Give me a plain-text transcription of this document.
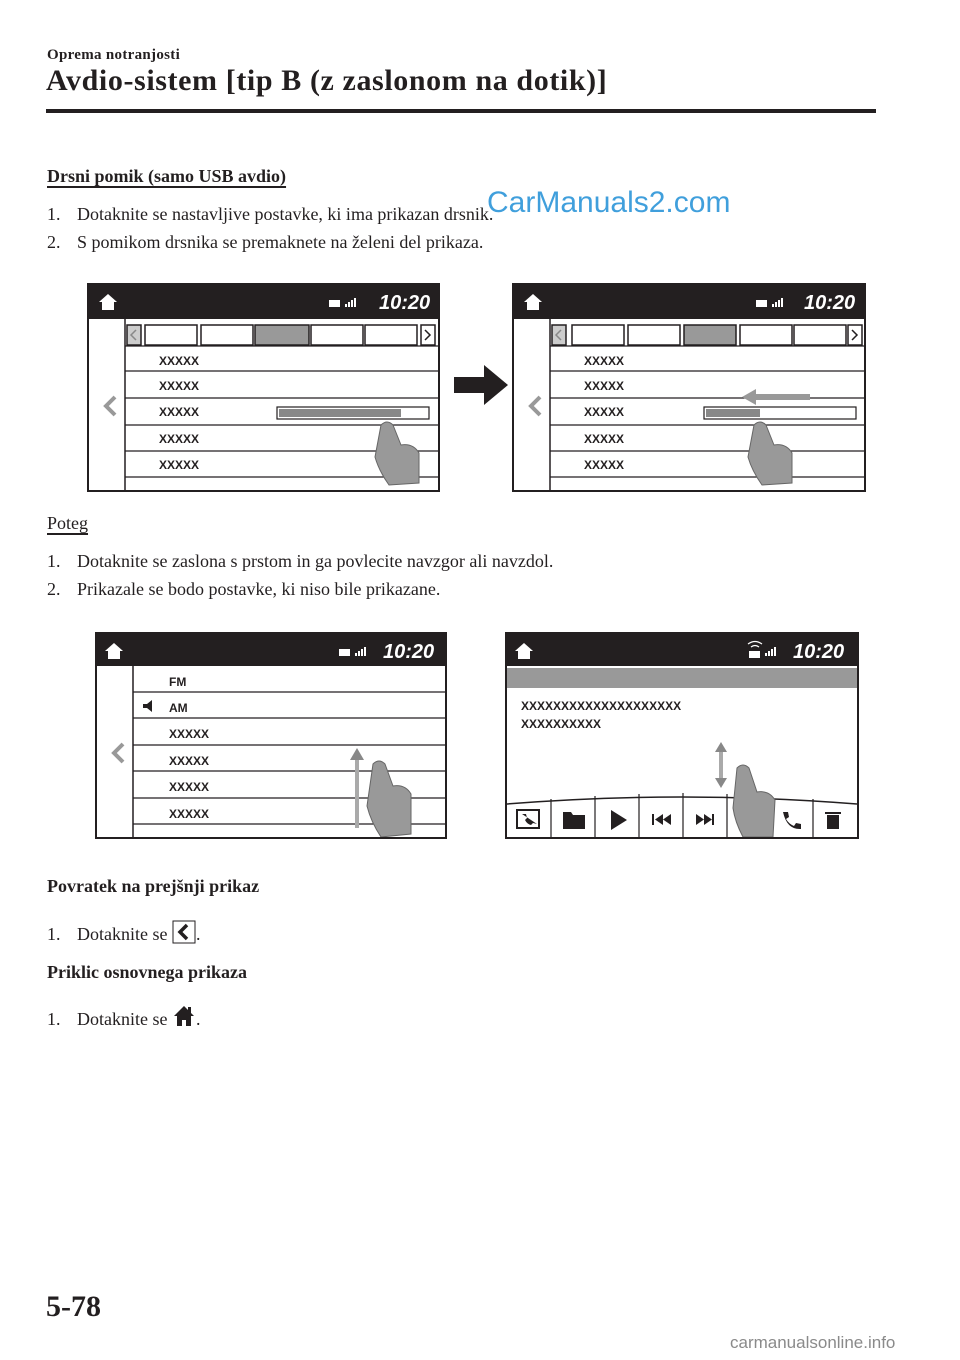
Oprema notranjosti
Avdio-sistem [tip B (z zaslonom na dotik)]
Drsni pomik (samo USB avdio)
1. Dotaknite se nastavljive postavke, ki ima prikazan drsnik.
2. S pomikom drsnika se premaknete na želeni del prikaza.
CarManuals2.com
10:20
XXXXX
XXXXX
XXXXX
XXXXX
XXXXX
10:20
XXXXX
XXXXX
XXXXX
XXXXX
XXXXX
Poteg
1. Dotaknite se zaslona s prstom in ga povlecite navzgor ali navzdol.
2. Prikazale se bodo postavke, ki niso bile prikazane.
10:20
FM
AM
XXXXX
XXXXX
XXXXX
XXXXX
10:20
XXXXXXXXXXXXXXXXXXXX
XXXXXXXXXX
Povratek na prejšnji prikaz
1. Dotaknite se .
Priklic osnovnega prikaza
1. Dotaknite se .
5-78
carmanualsonline.info
